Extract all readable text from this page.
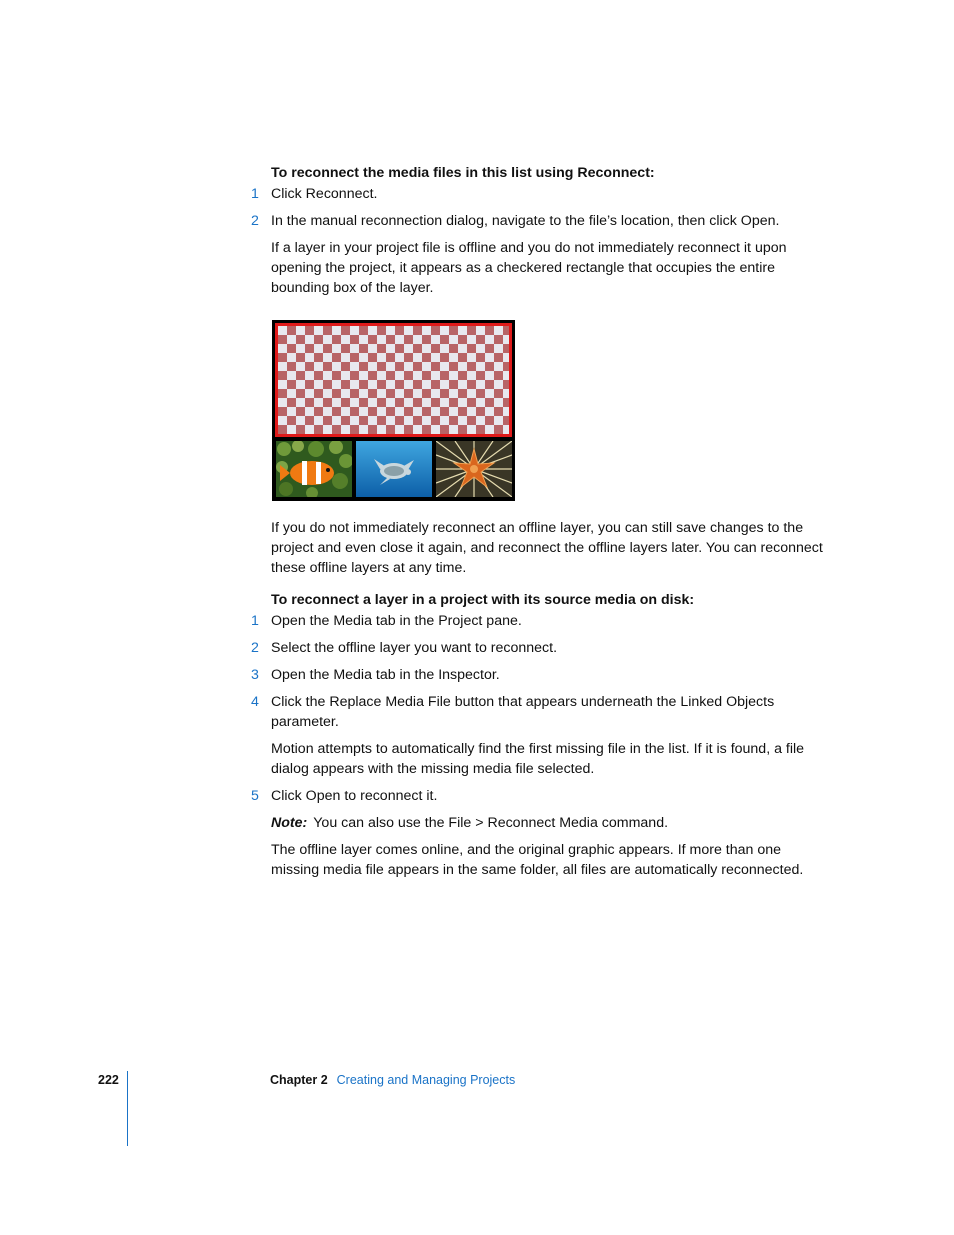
To reconnect the media files in this list using Reconnect:

1 Click Reconnect.
2 In the manual reconnection dialog, navigate to the file’s location, then click Open.

If a layer in your project file is offline and you do not immediately reconnect it upon opening the project, it appears as a checkered rectangle that occupies the entire bounding box of the layer.

If you do not immediately reconnect an offline layer, you can still save changes to the project and even close it again, and reconnect the offline layers later. You can reconnect these offline layers at any time.

To reconnect a layer in a project with its source media on disk:

1 Open the Media tab in the Project pane.
2 Select the offline layer you want to reconnect.
3 Open the Media tab in the Inspector.
4 Click the Replace Media File button that appears underneath the Linked Objects parameter.

Motion attempts to automatically find the first missing file in the list. If it is found, a file dialog appears with the missing media file selected.

5 Click Open to reconnect it.

Note: You can also use the File > Reconnect Media command.

The offline layer comes online, and the original graphic appears. If more than one missing media file appears in the same folder, all files are automatically reconnected.

222	Chapter 2 Creating and Managing Projects
